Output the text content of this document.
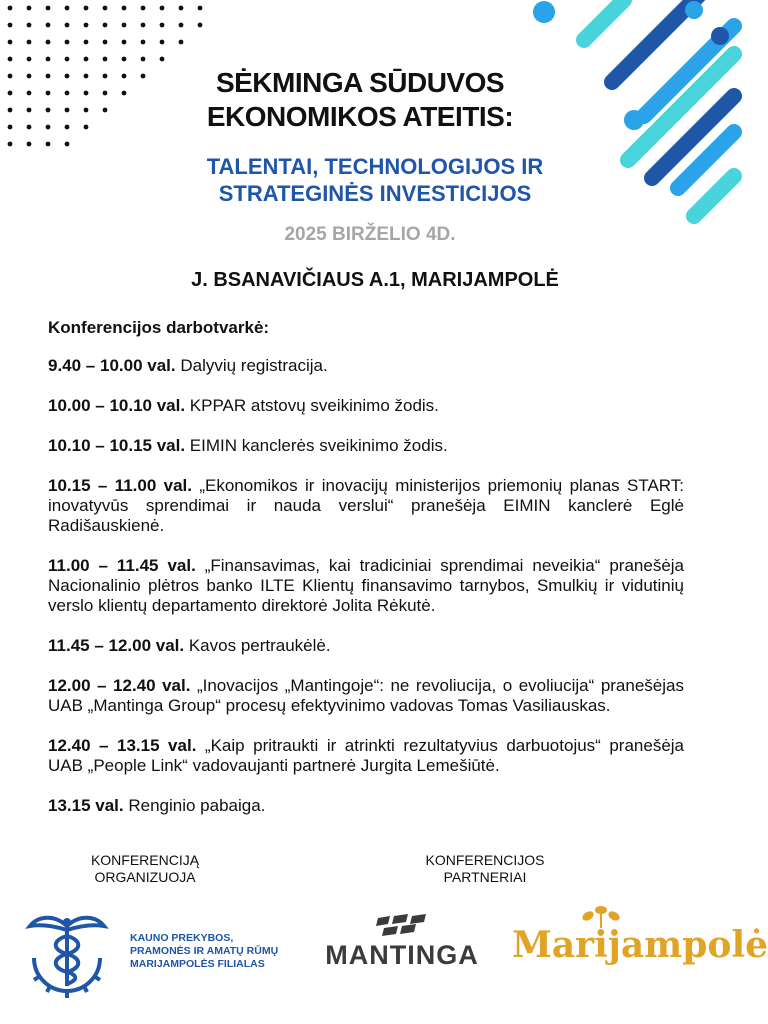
SĖKMINGA SŪDUVOS
EKONOMIKOS ATEITIS:
TALENTAI, TECHNOLOGIJOS IR
STRATEGINĖS INVESTICIJOS
2025 BIRŽELIO 4D.
J. BSANAVIČIAUS A.1, MARIJAMPOLĖ
Konferencijos darbotvarkė:

9.40 – 10.00 val. Dalyvių registracija.

10.00 – 10.10 val. KPPAR atstovų sveikinimo žodis.

10.10 – 10.15 val. EIMIN kanclerės sveikinimo žodis.

10.15 – 11.00 val. „Ekonomikos ir inovacijų ministerijos priemonių planas START: inovatyvūs sprendimai ir nauda verslui“ pranešėja EIMIN kanclerė Eglė Radišauskienė.

11.00 – 11.45 val. „Finansavimas, kai tradiciniai sprendimai neveikia“ pranešėja Nacionalinio plėtros banko ILTE Klientų finansavimo tarnybos, Smulkių ir vidutinių verslo klientų departamento direktorė Jolita Rėkutė.

11.45 – 12.00 val. Kavos pertraukėlė.

12.00 – 12.40 val. „Inovacijos „Mantingoje“: ne revoliucija, o evoliucija“ pranešėjas UAB „Mantinga Group“ procesų efektyvinimo vadovas Tomas Vasiliauskas.

12.40 – 13.15 val. „Kaip pritraukti ir atrinkti rezultatyvius darbuotojus“ pranešėja UAB „People Link“ vadovaujanti partnerė Jurgita Lemešiūtė.

13.15 val. Renginio pabaiga.

KONFERENCIJĄ
ORGANIZUOJA
KONFERENCIJOS
PARTNERIAI
KAUNO PREKYBOS,
PRAMONĖS IR AMATŲ RŪMŲ
MARIJAMPOLĖS FILIALAS	MANTINGA Marijampolė
